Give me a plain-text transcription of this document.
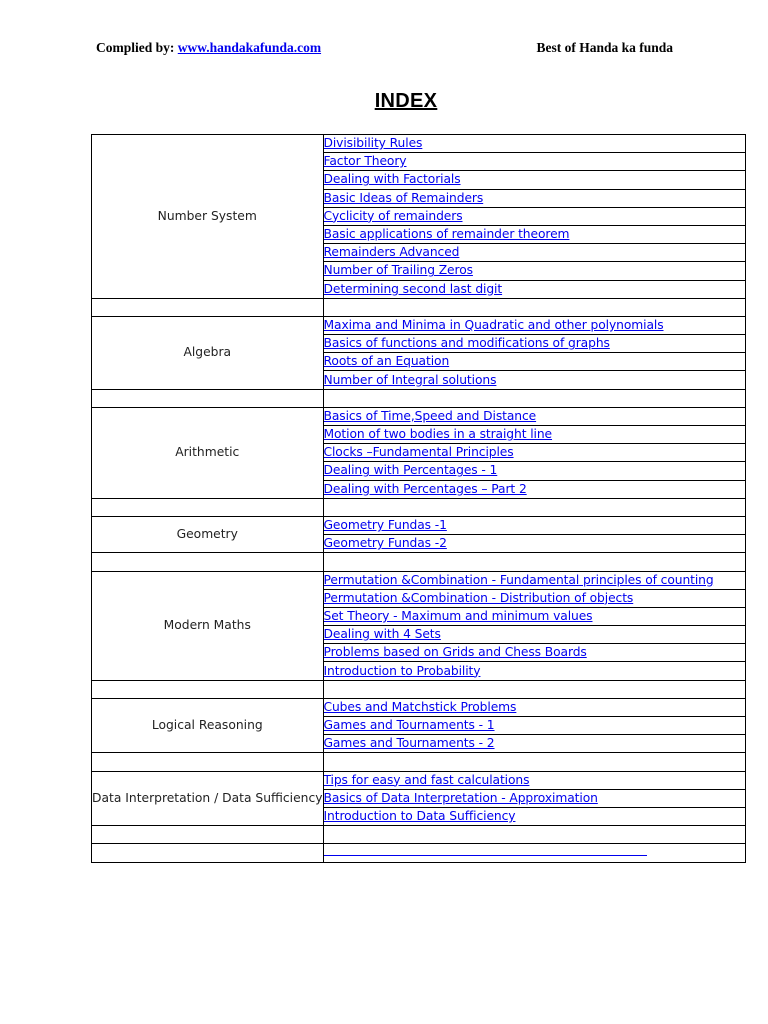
Complied by: www.handakafunda.com	Best of Handa ka funda
INDEX
Number System	Divisibility Rules
	Factor Theory
	Dealing with Factorials
	Basic Ideas of Remainders
	Cyclicity of remainders
	Basic applications of remainder theorem
	Remainders Advanced
	Number of Trailing Zeros
	Determining second last digit

Algebra	Maxima and Minima in Quadratic and other polynomials
	Basics of functions and modifications of graphs
	Roots of an Equation
	Number of Integral solutions

Arithmetic	Basics of Time,Speed and Distance
	Motion of two bodies in a straight line
	Clocks –Fundamental Principles
	Dealing with Percentages - 1
	Dealing with Percentages – Part 2

Geometry	Geometry Fundas -1
	Geometry Fundas -2

Modern Maths	Permutation &Combination - Fundamental principles of counting
	Permutation &Combination - Distribution of objects
	Set Theory - Maximum and minimum values
	Dealing with 4 Sets
	Problems based on Grids and Chess Boards
	Introduction to Probability

Logical Reasoning	Cubes and Matchstick Problems
	Games and Tournaments - 1
	Games and Tournaments - 2

Data Interpretation / Data Sufficiency	Tips for easy and fast calculations
	Basics of Data Interpretation - Approximation
	Introduction to Data Sufficiency
